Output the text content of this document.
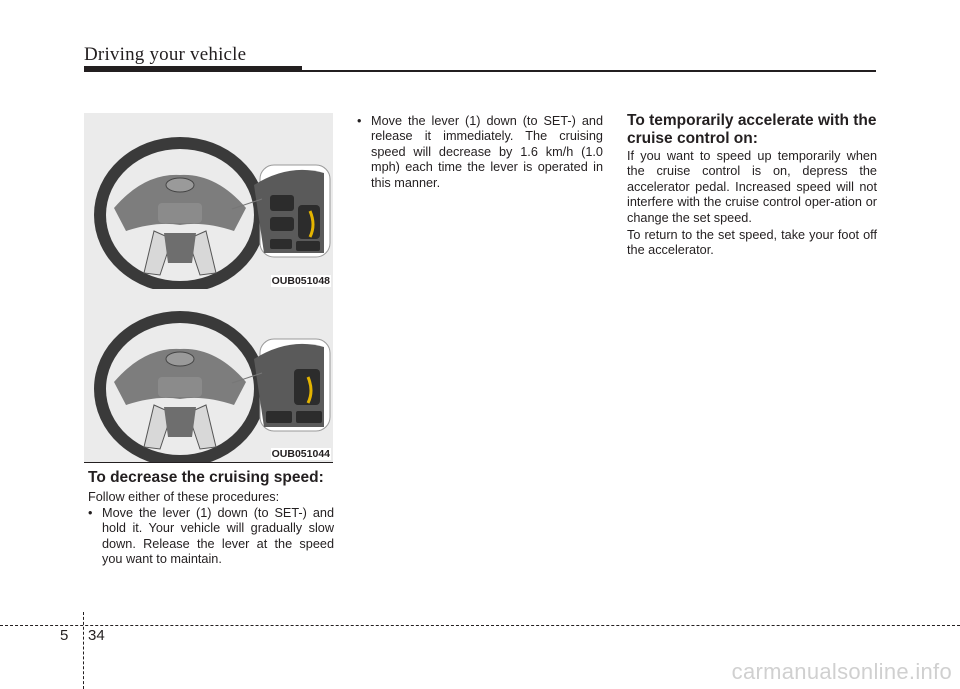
Driving your vehicle
OUB051048
OUB051044
To decrease the cruising speed:

Follow either of these procedures:

• Move the lever (1) down (to SET-) and hold it. Your vehicle will gradually slow down. Release the lever at the speed you want to maintain.
• Move the lever (1) down (to SET-) and release it immediately. The cruising speed will decrease by 1.6 km/h (1.0 mph) each time the lever is operated in this manner.
To temporarily accelerate with the cruise control on:

If you want to speed up temporarily when the cruise control is on, depress the accelerator pedal. Increased speed will not interfere with the cruise control oper-ation or change the set speed.

To return to the set speed, take your foot off the accelerator.

5 34
carmanualsonline.info
